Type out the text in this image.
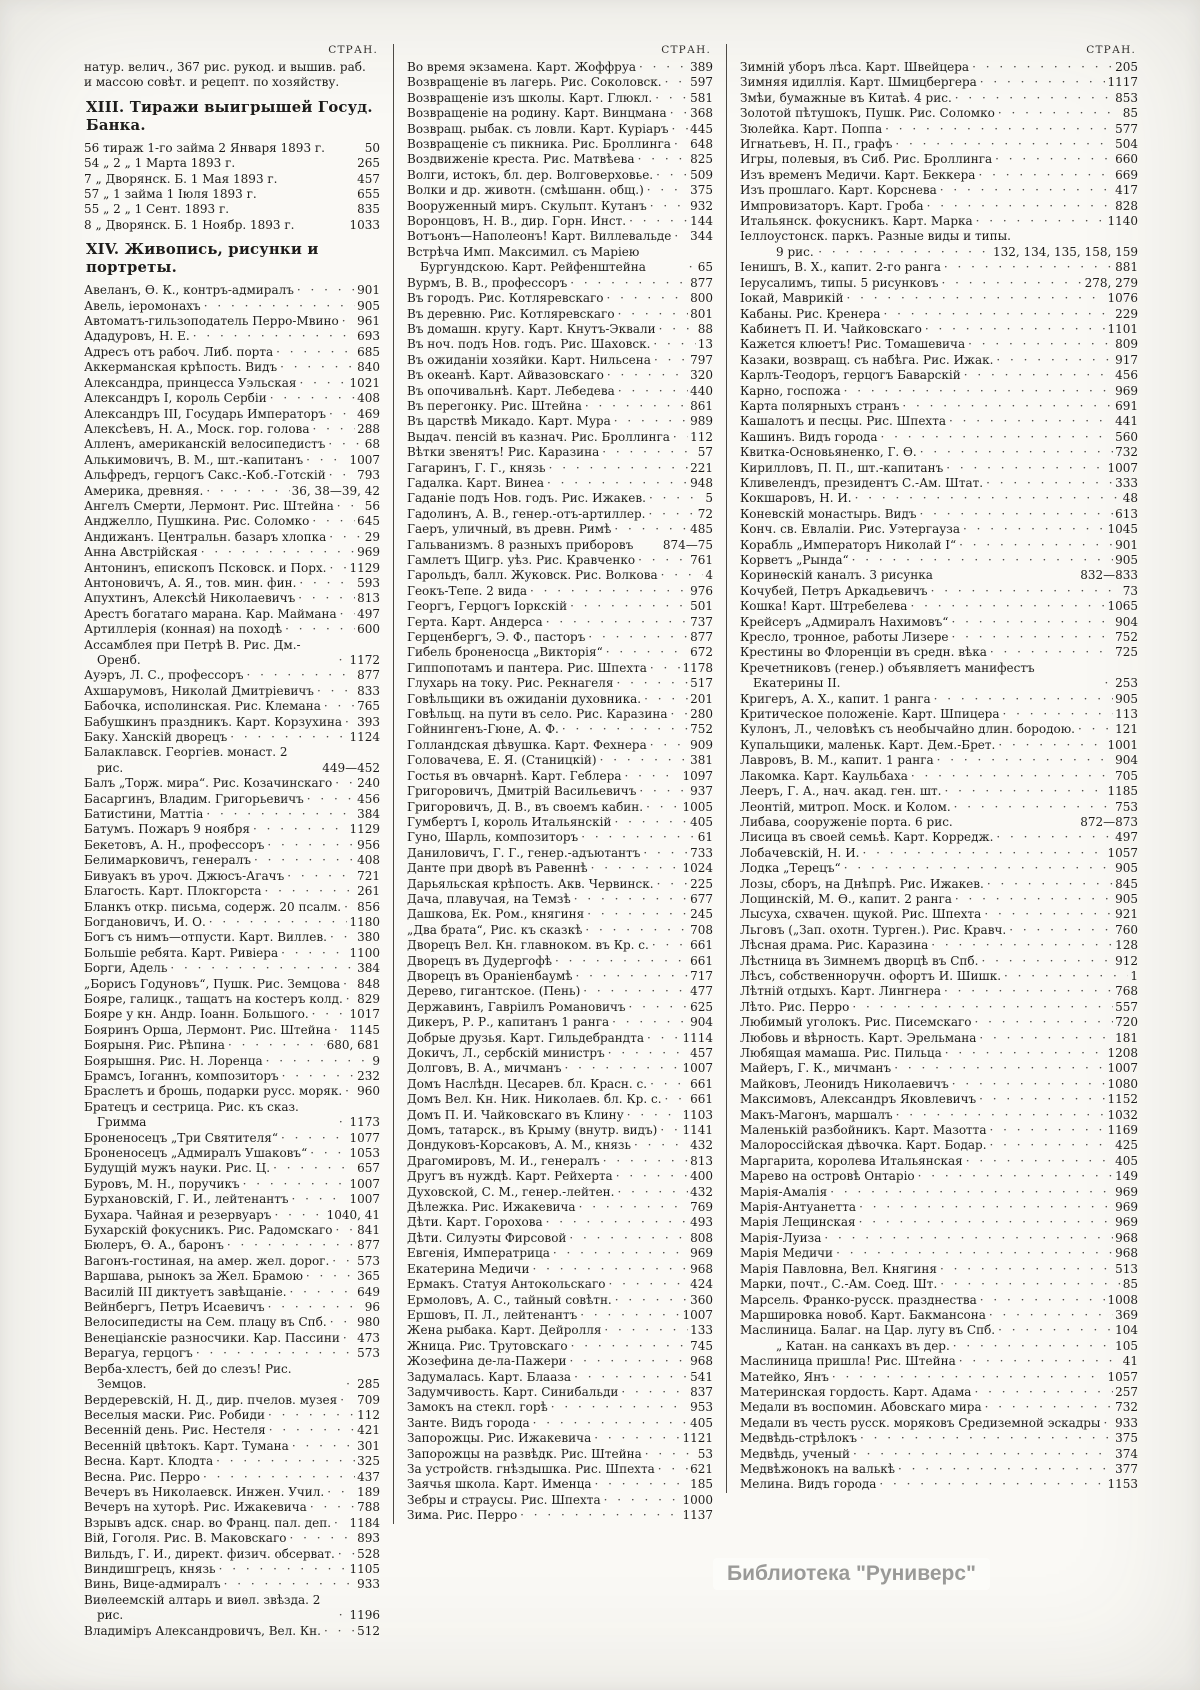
СТРАН.
натур. велич., 367 рис. рукод. и вышив. раб.
и массою совѣт. и рецепт. по хозяйству.
XIII. Тиражи выигрышей Госуд. Банка.
56 тираж 1-го займа 2 Января 1893 г.	50
54 „ 2 „ 1 Марта 1893 г.	265
7 „ Дворянск. Б. 1 Мая 1893 г.	457
57 „ 1 займа 1 Іюля 1893 г.	655
55 „ 2 „ 1 Сент. 1893 г.	835
8 „ Дворянск. Б. 1 Ноябр. 1893 г.	1033
XIV. Живопись, рисунки и портреты.
Авеланъ, Ѳ. К., контръ-адмиралъ · · ·	901
Авель, іеромонахъ · · ·	905
Автоматъ-гильзоподатель Перро-Мвино · · · 961
Ададуровъ, Н. Е. · · ·	693
Адресъ отъ рабоч. Либ. порта · · ·	685
Аккерманская крѣпость. Видъ · · ·	840
Александра, принцесса Уэльская · · ·	1021
Александръ I, король Сербіи · · ·	408
Александръ III, Государь Императоръ · · ·	469
Алексѣевъ, Н. А., Моск. гор. голова · · ·	288
Алленъ, американскій велосипедистъ · · ·	68
Алькимовичъ, В. М., шт.-капитанъ · · ·	1007
Альфредъ, герцогъ Сакс.-Коб.-Готскій · · ·	793
Америка, древняя. · · ·	36, 38—39, 42
Ангелъ Смерти, Лермонт. Рис. Штейна · · ·	56
Анджелло, Пушкина. Рис. Соломко · · ·	645
Андижанъ. Центральн. базаръ хлопка · · ·	29
Анна Австрійская · · ·	969
Антонинъ, епископъ Псковск. и Порх. · · · 1129
Антоновичъ, А. Я., тов. мин. фин. · · ·	593
Апухтинъ, Алексѣй Николаевичъ · · ·	813
Арестъ богатаго марана. Кар. Маймана · · · 497
Артиллерія (конная) на походѣ · · ·	600
Ассамблея при Петрѣ В. Рис. Дм.-Оренб. · · ·	1172
Ауэръ, Л. С., профессоръ · · ·	877
Ахшарумовъ, Николай Дмитріевичъ · · ·	833
Бабочка, исполинская. Рис. Клемана · · ·	765
Бабушкинъ праздникъ. Карт. Корзухина · · · 393
Баку. Ханскій дворецъ · · ·	1124
Балаклавск. Георгіев. монаст. 2 рис.	449—452
Балъ „Торж. мира“. Рис. Козачинскаго · · · 240
Басаргинъ, Владим. Григорьевичъ · · ·	456
Батистини, Маттіа · · ·	384
Батумъ. Пожаръ 9 ноября · · ·	1129
Бекетовъ, А. Н., профессоръ · · ·	956
Белимарковичъ, генералъ · · ·	408
Бивуакъ въ уроч. Джюсъ-Агачъ · · ·	721
Благость. Карт. Плокгорста · · ·	261
Бланкъ откр. письма, содерж. 20 псалм. · · · 856
Богдановичъ, И. О. · · ·	1180
Богъ съ нимъ—отпусти. Карт. Виллев. · · ·	380
Большіе ребята. Карт. Ривіера · · ·	1100
Борги, Адель · · ·	384
„Борисъ Годуновъ“, Пушк. Рис. Земцова · · · 848
Бояре, галицк., тащатъ на костеръ колд. · · · 829
Бояре у кн. Андр. Іоанн. Большого. · · ·	1017
Бояринъ Орша, Лермонт. Рис. Штейна · · · 1145
Боярыня. Рис. Рѣпина · · ·	680, 681
Боярышня. Рис. Н. Лоренца · · ·	9
Брамсъ, Іоганнъ, композиторъ · · ·	232
Браслетъ и брошь, подарки русс. моряк. · · · 960
Братецъ и сестрица. Рис. къ сказ. Гримма · · ·	1173
Броненосецъ „Три Святителя“ · · ·	1077
Броненосецъ „Адмиралъ Ушаковъ“ · · ·	1053
Будущій мужъ науки. Рис. Ц. · · ·	657
Буровъ, М. Н., поручикъ · · ·	1007
Бурхановскій, Г. И., лейтенантъ · · ·	1007
Бухара. Чайная и резервуаръ · · ·	1040, 41
Бухарскій фокусникъ. Рис. Радомскаго · · · 841
Бюлеръ, Ѳ. А., баронъ · · ·	877
Вагонъ-гостиная, на амер. жел. дорог. · · · 573
Варшава, рынокъ за Жел. Брамою · · ·	365
Василій III диктуетъ завѣщаніе. · · ·	649
Вейнбергъ, Петръ Исаевичъ · · ·	96
Велосипедисты на Сем. плацу въ Спб. · · ·	980
Венеціанскіе разносчики. Кар. Пассини · · · 473
Верагуа, герцогъ · · ·	573
Верба-хлестъ, бей до слезъ! Рис. Земцов. · · ·	285
Вердеревскій, Н. Д., дир. пчелов. музея · · · 709
Веселыя маски. Рис. Робиди · · ·	112
Весенній день. Рис. Нестеля · · ·	421
Весенній цвѣтокъ. Карт. Тумана · · ·	301
Весна. Карт. Клодта · · ·	325
Весна. Рис. Перро · · ·	437
Вечеръ въ Николаевск. Инжен. Учил. · · ·	189
Вечеръ на хуторѣ. Рис. Ижакевича · · ·	788
Взрывъ адск. снар. во Франц. пал. деп. · · · 1184
Вій, Гоголя. Рис. В. Маковскаго · · ·	893
Вильдъ, Г. И., директ. физич. обсерват. · · · 528
Виндишгрецъ, князь · · ·	1105
Винь, Вице-адмиралъ · · ·	933
Виѳлеемскій алтарь и виѳл. звѣзда. 2 рис. · · ·	1196
Владиміръ Александровичъ, Вел. Кн. · · ·	512
СТРАН.
Во время экзамена. Карт. Жоффруа · · ·	389
Возвращеніе въ лагерь. Рис. Соколовск. · · · 597
Возвращеніе изъ школы. Карт. Глюкл. · · ·	581
Возвращеніе на родину. Карт. Винцмана · · · 368
Возвращ. рыбак. съ ловли. Карт. Куріаръ · · · 445
Возвращеніе съ пикника. Рис. Броллинга · · · 648
Воздвиженіе креста. Рис. Матвѣева · · ·	825
Волги, истокъ, бл. дер. Волговерховье. · · ·	509
Волки и др. животн. (смѣшанн. общ.) · · ·	375
Вооруженный миръ. Скульпт. Кутанъ · · ·	932
Воронцовъ, Н. В., дир. Горн. Инст. · · ·	144
Вотъонъ—Наполеонъ! Карт. Виллевальде · · · 344
Встрѣча Имп. Максимил. съ Маріею Бургундскою. Карт. Рейфенштейна · · ·	65
Вурмъ, В. В., профессоръ · · ·	877
Въ городъ. Рис. Котляревскаго · · ·	800
Въ деревню. Рис. Котляревскаго · · ·	801
Въ домашн. кругу. Карт. Кнутъ-Эквали · · ·	88
Въ ноч. подъ Нов. годъ. Рис. Шаховск. · · ·	13
Въ ожиданіи хозяйки. Карт. Нильсена · · ·	797
Въ океанѣ. Карт. Айвазовскаго · · ·	320
Въ опочивальнѣ. Карт. Лебедева · · ·	440
Въ перегонку. Рис. Штейна · · ·	861
Въ царствѣ Микадо. Карт. Мура · · ·	989
Выдач. пенсій въ казнач. Рис. Броллинга · · · 112
Вѣтки звенятъ! Рис. Каразина · · ·	57
Гагаринъ, Г. Г., князь · · ·	221
Гадалка. Карт. Винеа · · ·	948
Гаданіе подъ Нов. годъ. Рис. Ижакев. · · ·	5
Гадолинъ, А. В., генер.-отъ-артиллер. · · ·	72
Гаеръ, уличный, въ древн. Римѣ · · ·	485
Гальванизмъ. 8 разныхъ приборовъ 874—75
Гамлетъ Щигр. уѣз. Рис. Кравченко · · ·	761
Гарольдъ, балл. Жуковск. Рис. Волкова · · ·	4
Геокъ-Тепе. 2 вида · · ·	976
Георгъ, Герцогъ Іоркскій · · ·	501
Герта. Карт. Андерса · · ·	737
Герценбергъ, Э. Ф., пасторъ · · ·	877
Гибель броненосца „Викторія“ · · ·	672
Гиппопотамъ и пантера. Рис. Шпехта · · ·	1178
Глухарь на току. Рис. Рекнагеля · · ·	517
Говѣльщики въ ожиданіи духовника. · · ·	201
Говѣльщ. на пути въ село. Рис. Каразина · · · 280
Гойнингенъ-Гюне, А. Ф. · · ·	752
Голландская дѣвушка. Карт. Фехнера · · ·	909
Головачева, Е. Я. (Станицкій) · · ·	381
Гостья въ овчарнѣ. Карт. Геблера · · ·	1097
Григоровичъ, Дмитрій Васильевичъ · · ·	937
Григоровичъ, Д. В., въ своемъ кабин. · · ·	1005
Гумбертъ I, король Итальянскій · · ·	405
Гуно, Шарль, композиторъ · · ·	61
Даниловичъ, Г. Г., генер.-адъютантъ · · ·	733
Данте при дворѣ въ Равеннѣ · · ·	1024
Дарьяльская крѣпость. Акв. Червинск. · · ·	225
Дача, плавучая, на Темзѣ · · ·	677
Дашкова, Ек. Ром., княгиня · · ·	245
„Два брата“, Рис. къ сказкѣ · · ·	708
Дворецъ Вел. Кн. главноком. въ Кр. с. · · ·	661
Дворецъ въ Дудергофѣ · · ·	661
Дворецъ въ Ораніенбаумѣ · · ·	717
Дерево, гигантское. (Пень) · · ·	477
Державинъ, Гавріилъ Романовичъ · · ·	625
Дикеръ, Р. Р., капитанъ 1 ранга · · ·	904
Добрые друзья. Карт. Гильдебрандта · · ·	1114
Докичъ, Л., сербскій министръ · · ·	457
Долговъ, В. А., мичманъ · · ·	1007
Домъ Наслѣдн. Цесарев. бл. Красн. с. · · ·	661
Домъ Вел. Кн. Ник. Николаев. бл. Кр. с. · · · 661
Домъ П. И. Чайковскаго въ Клину · · ·	1103
Домъ, татарск., въ Крыму (внутр. видъ) · · · 1141
Дондуковъ-Корсаковъ, А. М., князь · · ·	432
Драгомировъ, М. И., генералъ · · ·	813
Другъ въ нуждѣ. Карт. Рейхерта · · ·	400
Духовской, С. М., генер.-лейтен. · · ·	432
Дѣлежка. Рис. Ижакевича · · ·	769
Дѣти. Карт. Горохова · · ·	493
Дѣти. Силуэты Фирсовой · · ·	808
Евгенія, Императрица · · ·	969
Екатерина Медичи · · ·	968
Ермакъ. Статуя Антокольскаго · · ·	424
Ермоловъ, А. С., тайный совѣтн. · · ·	360
Ершовъ, П. Л., лейтенантъ · · ·	1007
Жена рыбака. Карт. Дейролля · · ·	133
Жница. Рис. Трутовскаго · · ·	745
Жозефина де-ла-Пажери · · ·	968
Задумалась. Карт. Блааза · · ·	541
Задумчивость. Карт. Синибальди · · ·	837
Замокъ на стекл. горѣ · · ·	953
Занте. Видъ города · · ·	405
Запорожцы. Рис. Ижакевича · · ·	1121
Запорожцы на развѣдк. Рис. Штейна · · ·	53
За устройств. гнѣздышка. Рис. Шпехта · · ·	621
Заячья школа. Карт. Именца · · ·	185
Зебры и страусы. Рис. Шпехта · · ·	1000
Зима. Рис. Перро · · ·	1137
СТРАН.
Зимній уборъ лѣса. Карт. Швейцера · · ·	205
Зимняя идиллія. Карт. Шмицбергера · · ·	1117
Змѣи, бумажные въ Китаѣ. 4 рис. · · ·	853
Золотой пѣтушокъ, Пушк. Рис. Соломко · · ·	85
Зюлейка. Карт. Поппа · · ·	577
Игнатьевъ, Н. П., графъ · · ·	504
Игры, полевыя, въ Сиб. Рис. Броллинга · · ·	660
Изъ временъ Медичи. Карт. Беккера · · ·	669
Изъ прошлаго. Карт. Корснева · · ·	417
Импровизаторъ. Карт. Гроба · · ·	828
Итальянск. фокусникъ. Карт. Марка · · ·	1140
Іеллоустонск. паркъ. Разные виды и типы.
9 рис. · · ·	132, 134, 135, 158, 159
Іенишъ, В. Х., капит. 2-го ранга · · ·	881
Іерусалимъ, типы. 5 рисунковъ · · ·	278, 279
Іокай, Маврикій · · ·	1076
Кабаны. Рис. Кренера · · ·	229
Кабинетъ П. И. Чайковскаго · · ·	1101
Кажется клюетъ! Рис. Томашевича · · ·	809
Казаки, возвращ. съ набѣга. Рис. Ижак. · · ·	917
Карлъ-Теодоръ, герцогъ Баварскій · · ·	456
Карно, госпожа · · ·	969
Карта полярныхъ странъ · · ·	691
Кашалотъ и песцы. Рис. Шпехта · · ·	441
Кашинъ. Видъ города · · ·	560
Квитка-Основьяненко, Г. Ѳ. · · ·	732
Кирилловъ, П. П., шт.-капитанъ · · ·	1007
Кливелендъ, президентъ С.-Ам. Штат. · · ·	333
Кокшаровъ, Н. И. · · ·	48
Коневскій монастырь. Видъ · · ·	613
Конч. св. Евлаліи. Рис. Уэтергауза · · ·	1045
Корабль „Императоръ Николай I“ · · ·	901
Корветъ „Рында“ · · ·	905
Коринѳскій каналъ. 3 рисунка	832—833
Кочубей, Петръ Аркадьевичъ · · ·	73
Кошка! Карт. Штребелева · · ·	1065
Крейсеръ „Адмиралъ Нахимовъ“ · · ·	904
Кресло, тронное, работы Лизере · · ·	752
Крестины во Флоренціи въ средн. вѣка · · ·	725
Кречетниковъ (генер.) объявляетъ манифестъ Екатерины II. · · ·	253
Кригеръ, А. Х., капит. 1 ранга · · ·	905
Критическое положеніе. Карт. Шпицера · · ·	113
Кулонъ, Л., человѣкъ съ необычайно длин. бородою. · · ·	121
Купальщики, маленьк. Карт. Дем.-Брет. · · ·	1001
Лавровъ, В. М., капит. 1 ранга · · ·	904
Лакомка. Карт. Каульбаха · · ·	705
Лееръ, Г. А., нач. акад. ген. шт. · · ·	1185
Леонтій, митроп. Моск. и Колом. · · ·	753
Либава, сооруженіе порта. 6 рис.	872—873
Лисица въ своей семьѣ. Карт. Корредж. · · ·	497
Лобачевскій, Н. И. · · ·	1057
Лодка „Терецъ“ · · ·	905
Лозы, сборъ, на Днѣпрѣ. Рис. Ижакев. · · ·	845
Лощинскій, М. Ѳ., капит. 2 ранга · · ·	905
Лысуха, схвачен. щукой. Рис. Шпехта · · ·	921
Льговъ („Зап. охотн. Турген.). Рис. Кравч. · · ·	760
Лѣсная драма. Рис. Каразина · · ·	128
Лѣстница въ Зимнемъ дворцѣ въ Спб. · · ·	912
Лѣсъ, собственноручн. офортъ И. Шишк. · · ·	1
Лѣтній отдыхъ. Карт. Лингнера · · ·	768
Лѣто. Рис. Перро · · ·	557
Любимый уголокъ. Рис. Писемскаго · · ·	720
Любовь и вѣрность. Карт. Эрельмана · · ·	181
Любящая мамаша. Рис. Пильца · · ·	1208
Майеръ, Г. К., мичманъ · · ·	1007
Майковъ, Леонидъ Николаевичъ · · ·	1080
Максимовъ, Александръ Яковлевичъ · · ·	1152
Макъ-Магонъ, маршалъ · · ·	1032
Маленькій разбойникъ. Карт. Мазотта · · ·	1169
Малороссійская дѣвочка. Карт. Бодар. · · ·	425
Маргарита, королева Итальянская · · ·	405
Марево на островѣ Онтаріо · · ·	149
Марія-Амалія · · ·	969
Марія-Антуанетта · · ·	969
Марія Лещинская · · ·	969
Марія-Луиза · · ·	968
Марія Медичи · · ·	968
Марія Павловна, Вел. Княгиня · · ·	513
Марки, почт., С.-Ам. Соед. Шт. · · ·	85
Марсель. Франко-русск. празднества · · ·	1008
Маршировка новоб. Карт. Бакмансона · · ·	369
Маслиница. Балаг. на Цар. лугу въ Спб. · · ·	104
„ Катан. на санкахъ въ дер. · · ·	105
Маслиница пришла! Рис. Штейна · · ·	41
Матейко, Янъ · · ·	1057
Материнская гордость. Карт. Адама · · ·	257
Медали въ воспомин. Абовскаго мира · · ·	732
Медали въ честь русск. моряковъ Средиземной эскадры · · · 933
Медвѣдь-стрѣлокъ · · ·	375
Медвѣдь, ученый · · ·	374
Медвѣжонокъ на валькѣ · · ·	377
Мелина. Видъ города · · ·	1153
Библиотека "Руниверс"
